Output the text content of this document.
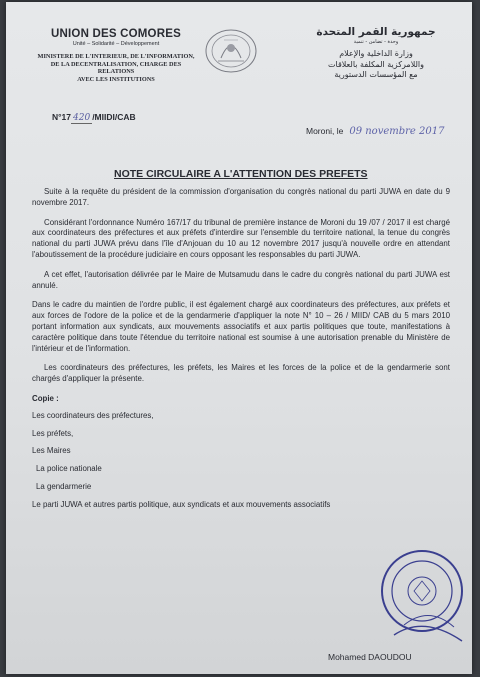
UNION DES COMORES
Unité – Solidarité – Développement
MINISTERE DE L'INTERIEUR, DE L'INFORMATION,
DE LA DECENTRALISATION, CHARGE DES RELATIONS
AVEC LES INSTITUTIONS
جمهورية القمر المتحدة
وحدة - تضامن - تنمية
وزارة الداخلية والإعلام
واللامركزية المكلفة بالعلاقات
مع المؤسسات الدستورية
N°17 420 /MIIDI/CAB
Moroni, le 09 novembre 2017
NOTE CIRCULAIRE A L'ATTENTION DES PREFETS

Suite à la requête du président de la commission d'organisation du congrès national du parti JUWA en date du 9 novembre 2017.

Considérant l'ordonnance Numéro 167/17 du tribunal de première instance de Moroni du 19 /07 / 2017 il est chargé aux coordinateurs des préfectures et aux préfets d'interdire sur l'ensemble du territoire national, la tenue du congrès national du parti JUWA prévu dans l'île d'Anjouan du 10 au 12 novembre 2017 jusqu'à nouvelle ordre en attendant l'aboutissement de la procédure judiciaire en cours opposant les responsables du parti JUWA.

A cet effet, l'autorisation délivrée par le Maire de Mutsamudu dans le cadre du congrès national du parti JUWA est annulé.

Dans le cadre du maintien de l'ordre public, il est également chargé aux coordinateurs des préfectures, aux préfets et aux forces de l'odore de la police et de la gendarmerie d'appliquer la note N° 10 – 26 / MIID/ CAB du 5 mars 2010 portant information aux syndicats, aux mouvements associatifs et aux partis politiques que toute, manifestations à caractère politique dans toute l'étendue du territoire national est soumise à une autorisation prenable du Ministère de l'intérieur et de l'information.

Les coordinateurs des préfectures, les préfets, les Maires et les forces de la police et de la gendarmerie sont chargés d'appliquer la présente.

Copie :
Les coordinateurs des préfectures,
Les préfets,
Les Maires
La police nationale
La gendarmerie
Le parti JUWA et autres partis politique, aux syndicats et aux mouvements associatifs
Mohamed DAOUDOU
